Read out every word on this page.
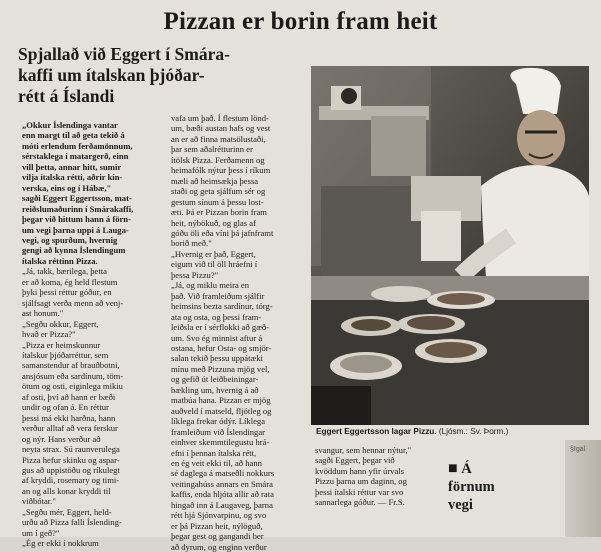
Pizzan er borin fram heit
Spjallað við Eggert í Smára-
kaffi um ítalskan þjóðar-
rétt á Íslandi
„Okkur Íslendinga vantar
enn margt til að geta tekið á
móti erlendum ferðamönnum,
sérstaklega í matargerð, einn
vill þetta, annar hitt, sumir
vilja ítalska rétti, aðrir kín-
verska, eins og í Hábæ,"
sagði Eggert Eggertsson, mat-
reiðslumaðurinn í Smárakaffi,
þegar við hittum hann á förn-
um vegi þarna uppi á Lauga-
vegi, og spurðum, hvernig
gengi að kynna Íslendingum
ítalska réttinn Pizza.
„Já, takk, bærilega, þetta
er að koma, ég held flestum
þyki þessi réttur góður, en
sjálfsagt verða menn að venj-
ast honum."
„Segðu okkur, Eggert,
hvað er Pizza?"
„Pizza er heimskunnur
ítalskur þjóðarréttur, sem
samanstendur af brauðbotni,
ansjósum eða sardínum, töm-
ötum og osti, eiginlega mikiu
af osti, því að hann er bæði
undir og ofan á. En réttur
þessi má ekki harðna, hann
verður alltaf að vera ferskur
og nýr. Hans verður að
neyta strax. Sú raunverulega
Pizza hefur skinku og aspar-
gus að uppistöðu og ríkulegt
af kryddi, rosemary og timi-
an og alls konar kryddi til
viðbótar."
„Segðu mér, Eggert, held-
urðu að Pizza falli Íslending-
um í geð?"
„Ég er ekki í nokkrum
vafa um það. Í flestum lönd-
um, bæði austan hafs og vest
an er að finna matsölustaði,
þar sem aðalrétturinn er
ítölsk Pizza. Ferðamenn og
heimafólk nýtur þess í ríkum
mæli að heimsækja þessa
staði og geta sjálfum sér og
gestum sínum á þessu lost-
æti. Þá er Pizzan borin fram
heit, nýbökuð, og glas af
góðu öli eða víni þá jafnframt
borið með."
„Hvernig er það, Eggert,
eigum við til öll hráefni í
þessa Pizzu?"
„Já, og miklu meira en
það. Við framleiðum sjálfir
heimsins bezta sardínur, tórg-
ata og osta, og þessi fram-
leiðsla er í sérflokki að gæð-
um. Svo ég minnist aftur á
ostana, hefur Osta- og smjör-
salan tekið þessu uppátæki
mínu með Pizzuna mjög vel,
og gefið út leiðbeiningar-
bækling um, hvernig á að
matbúa hana. Pizzan er mjög
auðveld í matseld, fljótleg og
líklega frekar ódýr. Líklega
framleiðum við Íslendingar
einhver skemmtilegustu hrá-
efni í þennan ítalska rétt,
en ég veit ekki til, að hann
sé daglega á matseðli nokkurs
veitingahúss annars en Smára
kaffis, enda hljóta allir að rata
hingað inn á Laugaveg, þarna
rétt hjá Sjónvarpinu, og svo
er þá Pizzan heit, nýlöguð,
þegar gest og gangandi ber
að dyrum, og enginn verður
Eggert Eggertsson lagar Pizzu. (Ljósm.: Sv. Þorm.)
svangur, sem hennar nýtur,"
sagði Eggert, þegar við
kvöddum hann yfir úrvals
Pizzu þarna um daginn, og
þessi ítalski réttur var svo
sannarlega góður. — Fr.S.
■ Á
förnum
vegi
§Igal
